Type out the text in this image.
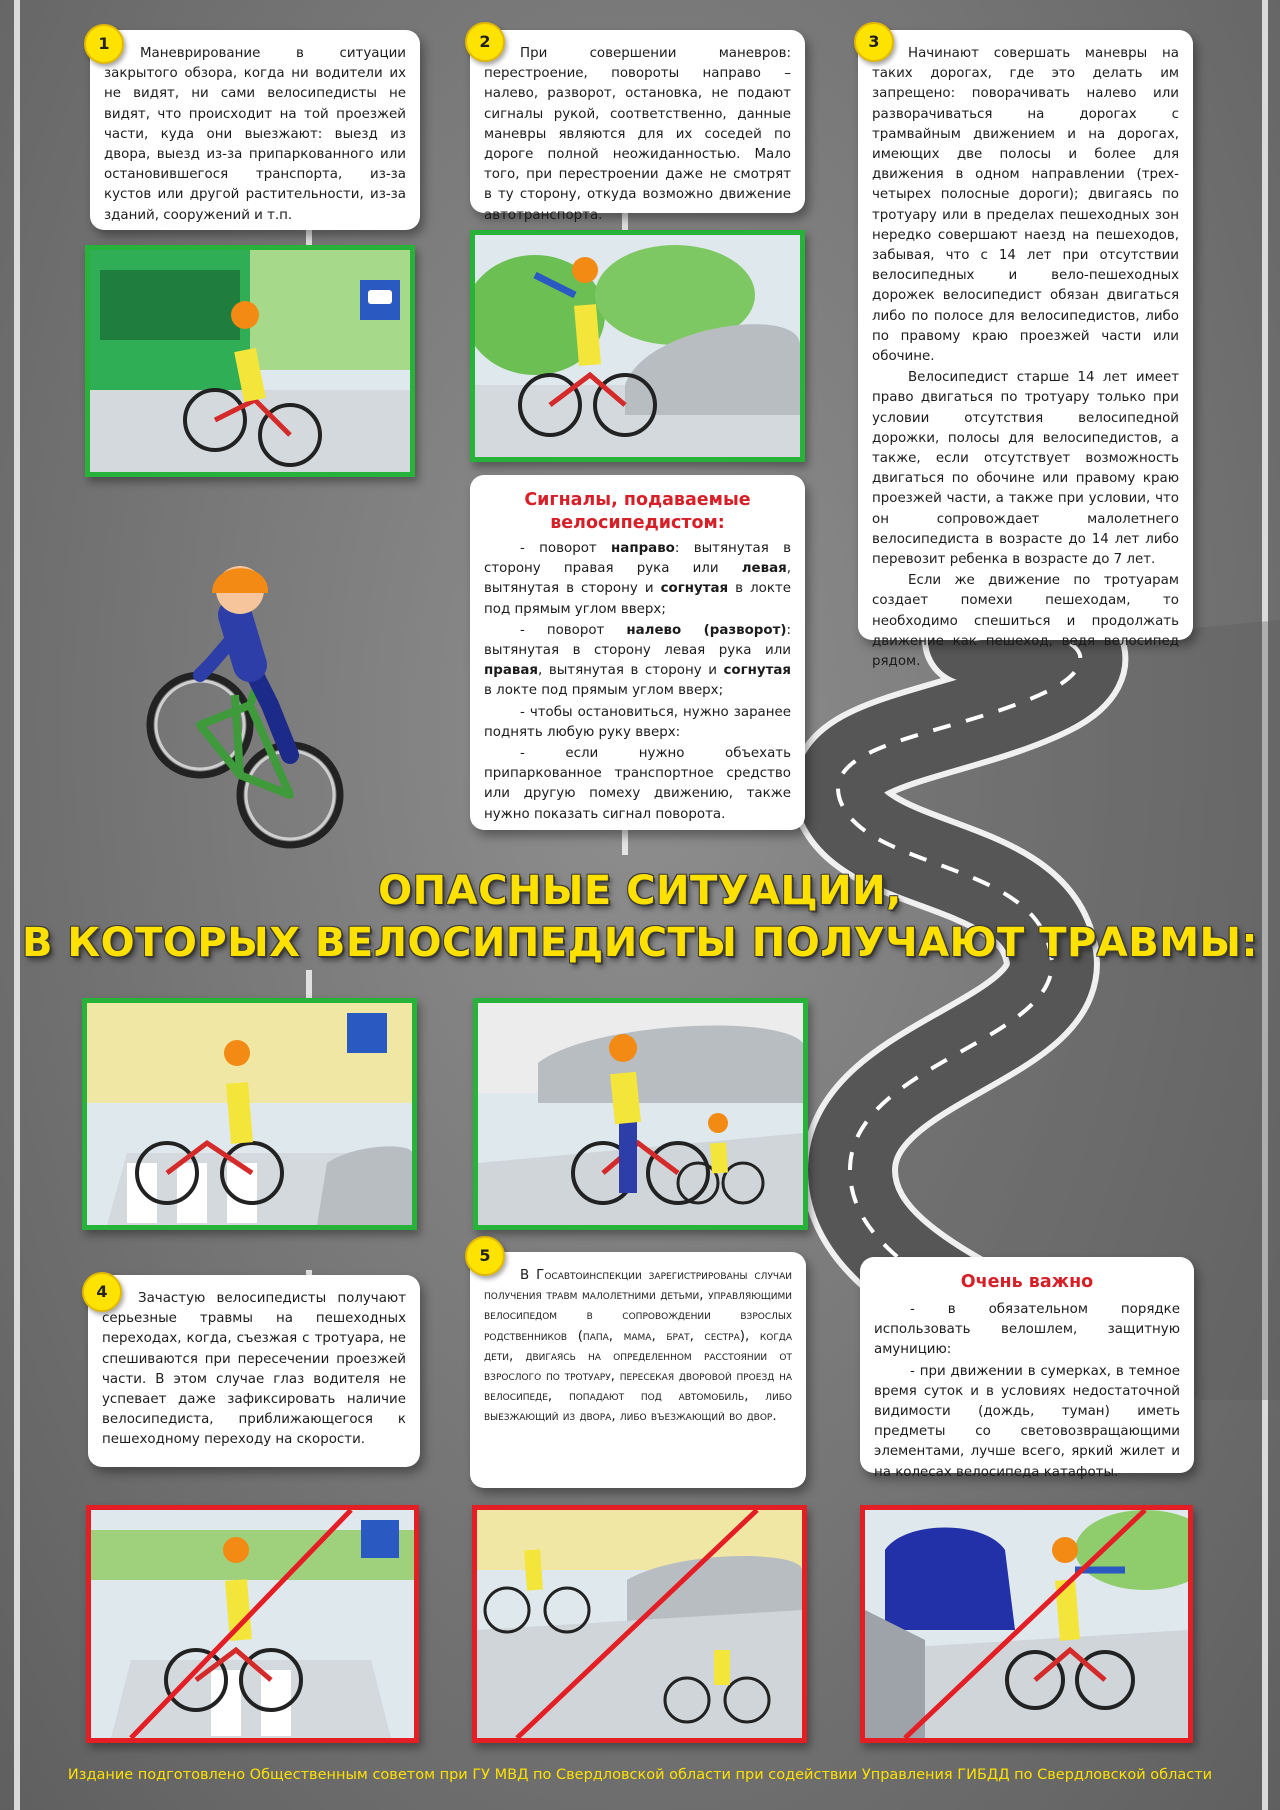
Маневрирование в ситуации закрытого обзора, когда ни водители их не видят, ни сами велосипедисты не видят, что происходит на той проезжей части, куда они выезжают: выезд из двора, выезд из-за припаркованного или остановившегося транспорта, из-за кустов или другой растительности, из-за зданий, сооружений и т.п.

1

При совершении маневров: перестроение, повороты направо – налево, разворот, остановка, не подают сигналы рукой, соответственно, данные маневры являются для их соседей по дороге полной неожиданностью. Мало того, при перестроении даже не смотрят в ту сторону, откуда возможно движение автотранспорта.

2

Начинают совершать маневры на таких дорогах, где это делать им запрещено: поворачивать налево или разворачиваться на дорогах с трамвайным движением и на дорогах, имеющих две полосы и более для движения в одном направлении (трех-четырех полосные дороги); двигаясь по тротуару или в пределах пешеходных зон нередко совершают наезд на пешеходов, забывая, что с 14 лет при отсутствии велосипедных и вело-пешеходных дорожек велосипедист обязан двигаться либо по полосе для велосипедистов, либо по правому краю проезжей части или обочине.

Велосипедист старше 14 лет имеет право двигаться по тротуару только при условии отсутствия велосипедной дорожки, полосы для велосипедистов, а также, если отсутствует возможность двигаться по обочине или правому краю проезжей части, а также при условии, что он сопровождает малолетнего велосипедиста в возрасте до 14 лет либо перевозит ребенка в возрасте до 7 лет.

Если же движение по тротуарам создает помехи пешеходам, то необходимо спешиться и продолжать движение как пешеход, ведя велосипед рядом.

3
Сигналы, подаваемые
велосипедистом:

- поворот направо: вытянутая в сторону правая рука или левая, вытянутая в сторону и согнутая в локте под прямым углом вверх;

- поворот налево (разворот): вытянутая в сторону левая рука или правая, вытянутая в сторону и согнутая в локте под прямым углом вверх;

- чтобы остановиться, нужно заранее поднять любую руку вверх:

- если нужно объехать припаркованное транспортное средство или другую помеху движению, также нужно показать сигнал поворота.

ОПАСНЫЕ СИТУАЦИИ,
В КОТОРЫХ ВЕЛОСИПЕДИСТЫ ПОЛУЧАЮТ ТРАВМЫ:

Зачастую велосипедисты получают серьезные травмы на пешеходных переходах, когда, съезжая с тротуара, не спешиваются при пересечении проезжей части. В этом случае глаз водителя не успевает даже зафиксировать наличие велосипедиста, приближающегося к пешеходному переходу на скорости.

4

В Госавтоинспекции зарегистрированы случаи получения травм малолетними детьми, управляющими велосипедом в сопровождении взрослых родственников (папа, мама, брат, сестра), когда дети, двигаясь на определенном расстоянии от взрослого по тротуару, пересекая дворовой проезд на велосипеде, попадают под автомобиль, либо выезжающий из двора, либо въезжающий во двор.

5
Очень важно

- в обязательном порядке использовать велошлем, защитную амуницию:

- при движении в сумерках, в темное время суток и в условиях недостаточной видимости (дождь, туман) иметь предметы со световозвращающими элементами, лучше всего, яркий жилет и на колесах велосипеда катафоты.

Издание подготовлено Общественным советом при ГУ МВД по Свердловской области при содействии Управления ГИБДД по Свердловской области
